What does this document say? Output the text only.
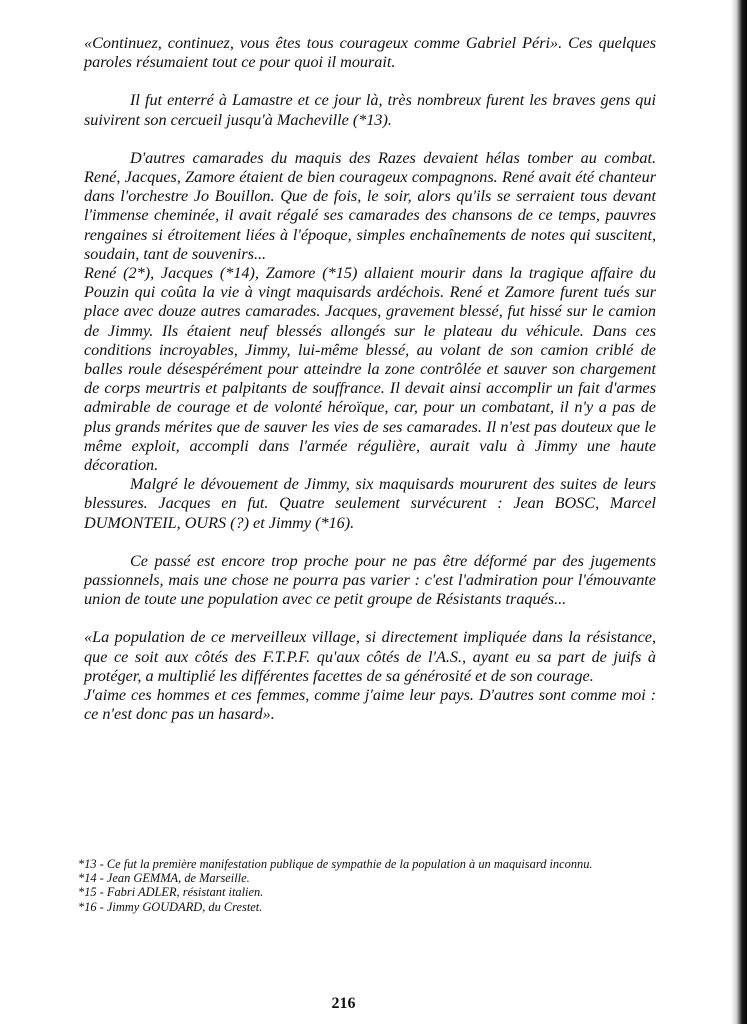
«Continuez, continuez, vous êtes tous courageux comme Gabriel Péri». Ces quelques paroles résumaient tout ce pour quoi il mourait.

Il fut enterré à Lamastre et ce jour là, très nombreux furent les braves gens qui suivirent son cercueil jusqu'à Macheville (*13).

D'autres camarades du maquis des Razes devaient hélas tomber au combat. René, Jacques, Zamore étaient de bien courageux compagnons. René avait été chanteur dans l'orchestre Jo Bouillon. Que de fois, le soir, alors qu'ils se serraient tous devant l'immense cheminée, il avait régalé ses camarades des chansons de ce temps, pauvres rengaines si étroitement liées à l'époque, simples enchaînements de notes qui suscitent, soudain, tant de souvenirs...

René (2*), Jacques (*14), Zamore (*15) allaient mourir dans la tragique affaire du Pouzin qui coûta la vie à vingt maquisards ardéchois. René et Zamore furent tués sur place avec douze autres camarades. Jacques, gravement blessé, fut hissé sur le camion de Jimmy. Ils étaient neuf blessés allongés sur le plateau du véhicule. Dans ces conditions incroyables, Jimmy, lui-même blessé, au volant de son camion criblé de balles roule désespérément pour atteindre la zone contrôlée et sauver son chargement de corps meurtris et palpitants de souffrance. Il devait ainsi accomplir un fait d'armes admirable de courage et de volonté héroïque, car, pour un combatant, il n'y a pas de plus grands mérites que de sauver les vies de ses camarades. Il n'est pas douteux que le même exploit, accompli dans l'armée régulière, aurait valu à Jimmy une haute décoration.

Malgré le dévouement de Jimmy, six maquisards moururent des suites de leurs blessures. Jacques en fut. Quatre seulement survécurent : Jean BOSC, Marcel DUMONTEIL, OURS (?) et Jimmy (*16).

Ce passé est encore trop proche pour ne pas être déformé par des jugements passionnels, mais une chose ne pourra pas varier : c'est l'admiration pour l'émouvante union de toute une population avec ce petit groupe de Résistants traqués...

«La population de ce merveilleux village, si directement impliquée dans la résistance, que ce soit aux côtés des F.T.P.F. qu'aux côtés de l'A.S., ayant eu sa part de juifs à protéger, a multiplié les différentes facettes de sa générosité et de son courage.

J'aime ces hommes et ces femmes, comme j'aime leur pays. D'autres sont comme moi : ce n'est donc pas un hasard».

*13 - Ce fut la première manifestation publique de sympathie de la population à un maquisard inconnu.
*14 - Jean GEMMA, de Marseille.
*15 - Fabri ADLER, résistant italien.
*16 - Jimmy GOUDARD, du Crestet.
216
